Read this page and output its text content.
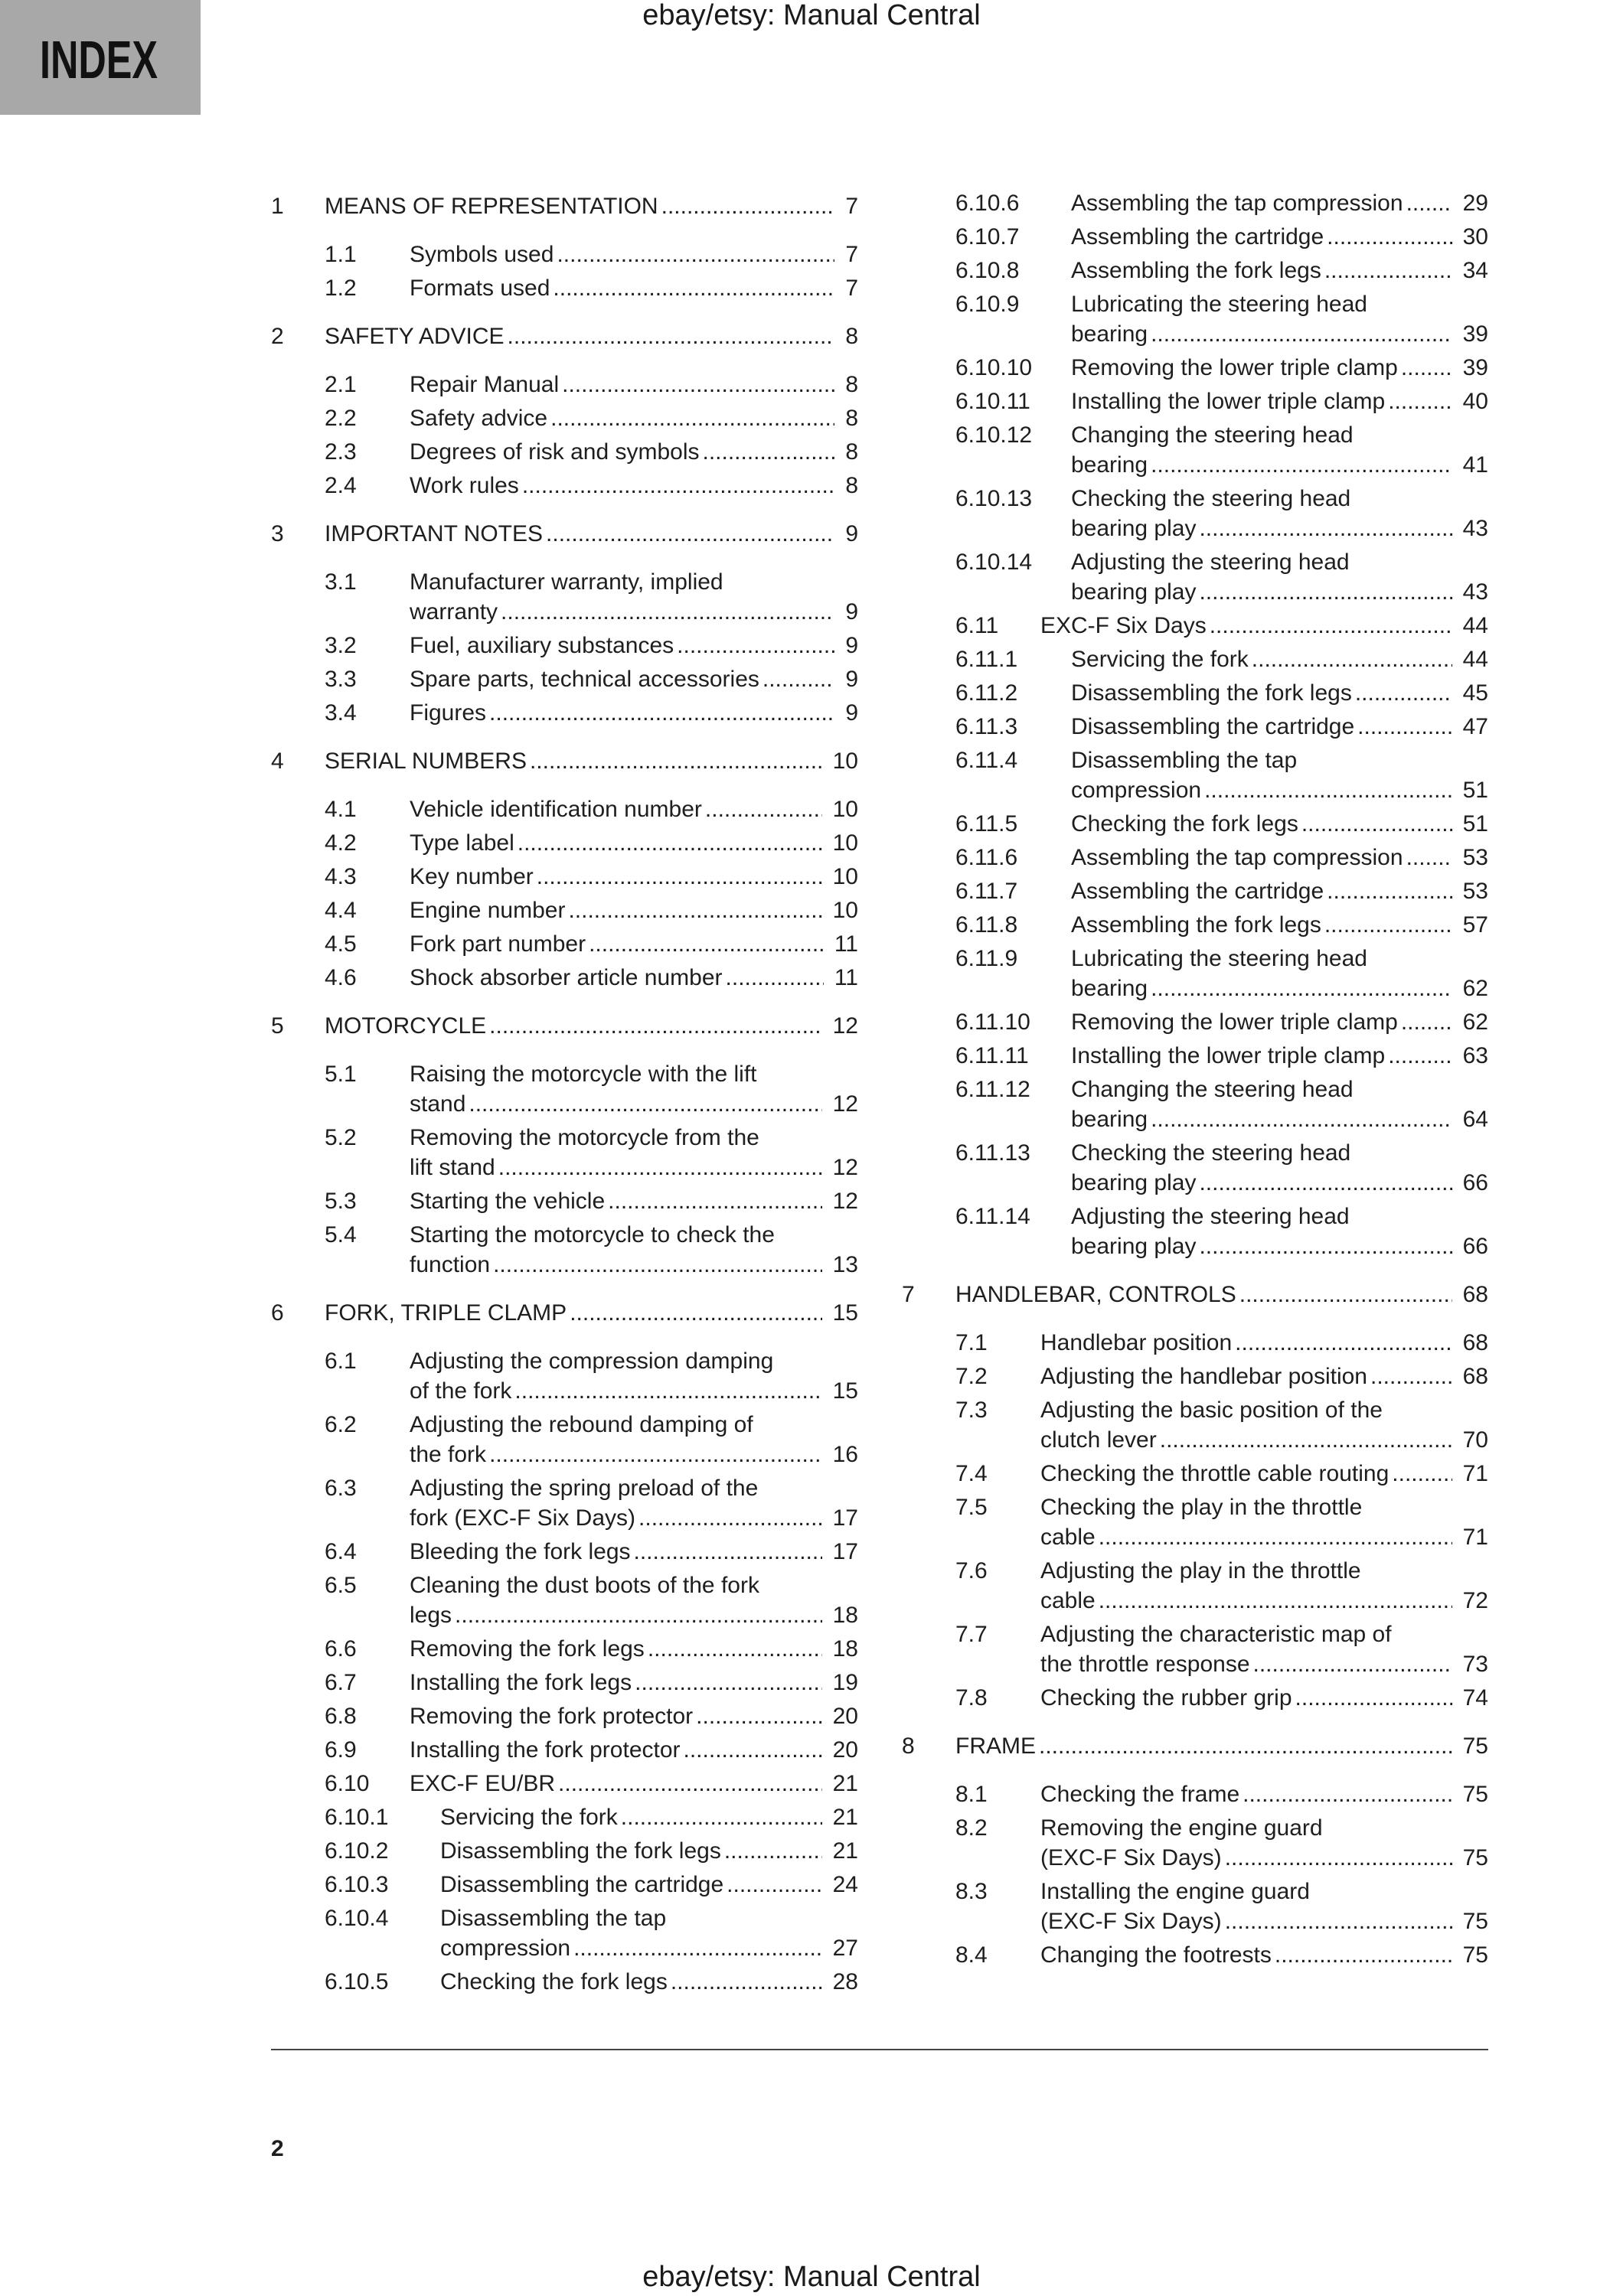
ebay/etsy: Manual Central
INDEX
1	MEANS OF REPRESENTATION .....	7
1.1	Symbols used .....	7
1.2	Formats used .....	7
2	SAFETY ADVICE .....	8
2.1	Repair Manual .....	8
2.2	Safety advice .....	8
2.3	Degrees of risk and symbols .....	8
2.4	Work rules .....	8
3	IMPORTANT NOTES .....	9
3.1	Manufacturer warranty, implied
warranty .....	9
3.2	Fuel, auxiliary substances .....	9
3.3	Spare parts, technical accessories .....	9
3.4	Figures .....	9
4	SERIAL NUMBERS .....	10
4.1	Vehicle identification number .....	10
4.2	Type label .....	10
4.3	Key number .....	10
4.4	Engine number .....	10
4.5	Fork part number .....	11
4.6	Shock absorber article number .....	11
5	MOTORCYCLE .....	12
5.1	Raising the motorcycle with the lift
stand .....	12
5.2	Removing the motorcycle from the
lift stand .....	12
5.3	Starting the vehicle .....	12
5.4	Starting the motorcycle to check the
function .....	13
6	FORK, TRIPLE CLAMP .....	15
6.1	Adjusting the compression damping
of the fork .....	15
6.2	Adjusting the rebound damping of
the fork .....	16
6.3	Adjusting the spring preload of the
fork (EXC-F Six Days) .....	17
6.4	Bleeding the fork legs .....	17
6.5	Cleaning the dust boots of the fork
legs .....	18
6.6	Removing the fork legs .....	18
6.7	Installing the fork legs .....	19
6.8	Removing the fork protector .....	20
6.9	Installing the fork protector .....	20
6.10	EXC-F EU/BR .....	21
6.10.1	Servicing the fork .....	21
6.10.2	Disassembling the fork legs .....	21
6.10.3	Disassembling the cartridge .....	24
6.10.4	Disassembling the tap
compression .....	27
6.10.5	Checking the fork legs .....	28
6.10.6	Assembling the tap compression .....	29
6.10.7	Assembling the cartridge .....	30
6.10.8	Assembling the fork legs .....	34
6.10.9	Lubricating the steering head
bearing .....	39
6.10.10	Removing the lower triple clamp .....	39
6.10.11	Installing the lower triple clamp .....	40
6.10.12	Changing the steering head
bearing .....	41
6.10.13	Checking the steering head
bearing play .....	43
6.10.14	Adjusting the steering head
bearing play .....	43
6.11	EXC-F Six Days .....	44
6.11.1	Servicing the fork .....	44
6.11.2	Disassembling the fork legs .....	45
6.11.3	Disassembling the cartridge .....	47
6.11.4	Disassembling the tap
compression .....	51
6.11.5	Checking the fork legs .....	51
6.11.6	Assembling the tap compression .....	53
6.11.7	Assembling the cartridge .....	53
6.11.8	Assembling the fork legs .....	57
6.11.9	Lubricating the steering head
bearing .....	62
6.11.10	Removing the lower triple clamp .....	62
6.11.11	Installing the lower triple clamp .....	63
6.11.12	Changing the steering head
bearing .....	64
6.11.13	Checking the steering head
bearing play .....	66
6.11.14	Adjusting the steering head
bearing play .....	66
7	HANDLEBAR, CONTROLS .....	68
7.1	Handlebar position .....	68
7.2	Adjusting the handlebar position .....	68
7.3	Adjusting the basic position of the
clutch lever .....	70
7.4	Checking the throttle cable routing .....	71
7.5	Checking the play in the throttle
cable .....	71
7.6	Adjusting the play in the throttle
cable .....	72
7.7	Adjusting the characteristic map of
the throttle response .....	73
7.8	Checking the rubber grip .....	74
8	FRAME .....	75
8.1	Checking the frame .....	75
8.2	Removing the engine guard
(EXC-F Six Days) .....	75
8.3	Installing the engine guard
(EXC-F Six Days) .....	75
8.4	Changing the footrests .....	75
2
ebay/etsy: Manual Central
